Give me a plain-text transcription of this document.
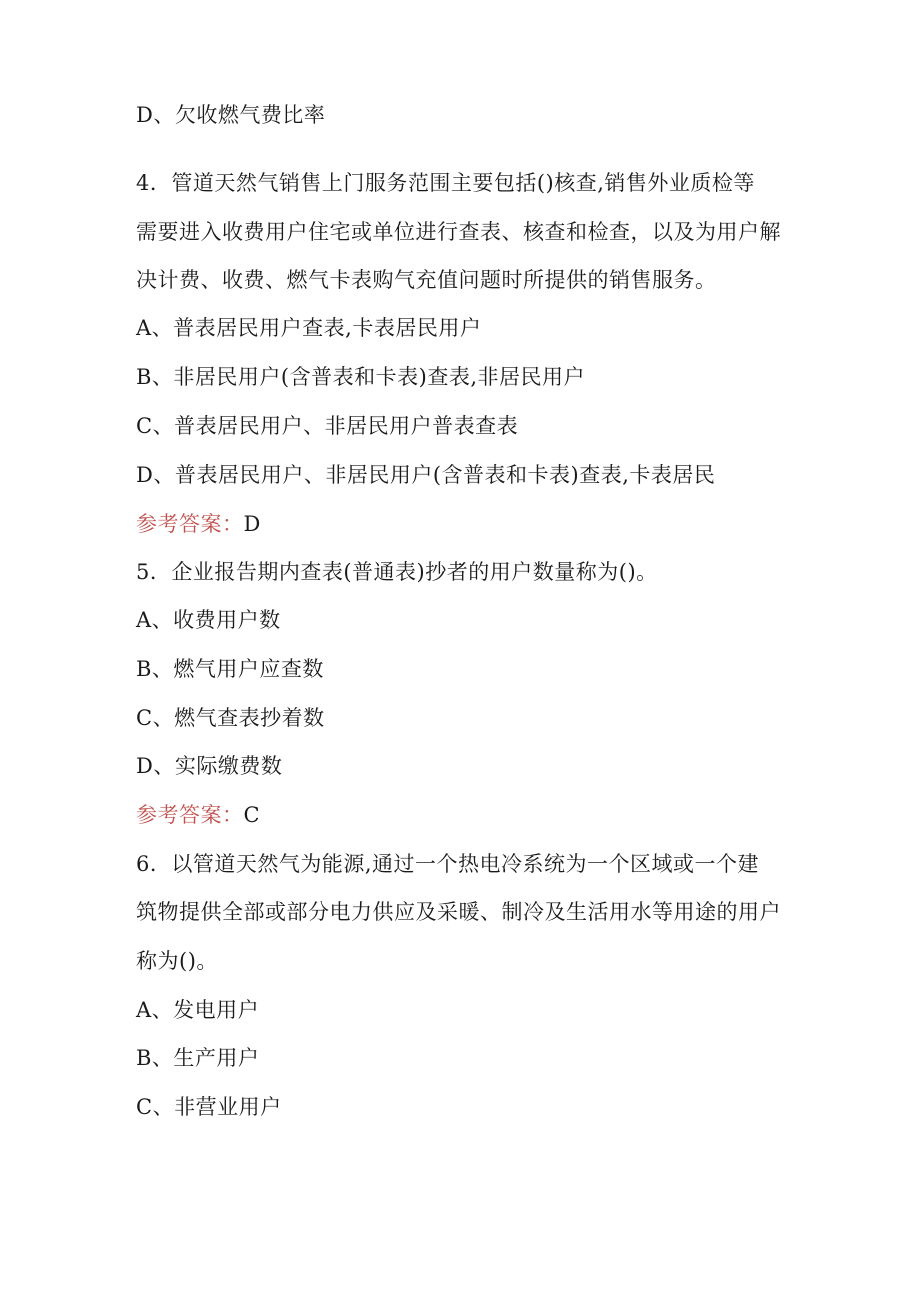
D、欠收燃气费比率
4．管道天然气销售上门服务范围主要包括()核查,销售外业质检等
需要进入收费用户住宅或单位进行查表、核查和检查，以及为用户解
决计费、收费、燃气卡表购气充值问题时所提供的销售服务。
A、普表居民用户查表,卡表居民用户
B、非居民用户(含普表和卡表)查表,非居民用户
C、普表居民用户、非居民用户普表查表
D、普表居民用户、非居民用户(含普表和卡表)查表,卡表居民
参考答案：D
5．企业报告期内查表(普通表)抄者的用户数量称为()。
A、收费用户数
B、燃气用户应查数
C、燃气查表抄着数
D、实际缴费数
参考答案：C
6．以管道天然气为能源,通过一个热电冷系统为一个区域或一个建
筑物提供全部或部分电力供应及采暖、制冷及生活用水等用途的用户
称为()。
A、发电用户
B、生产用户
C、非营业用户
